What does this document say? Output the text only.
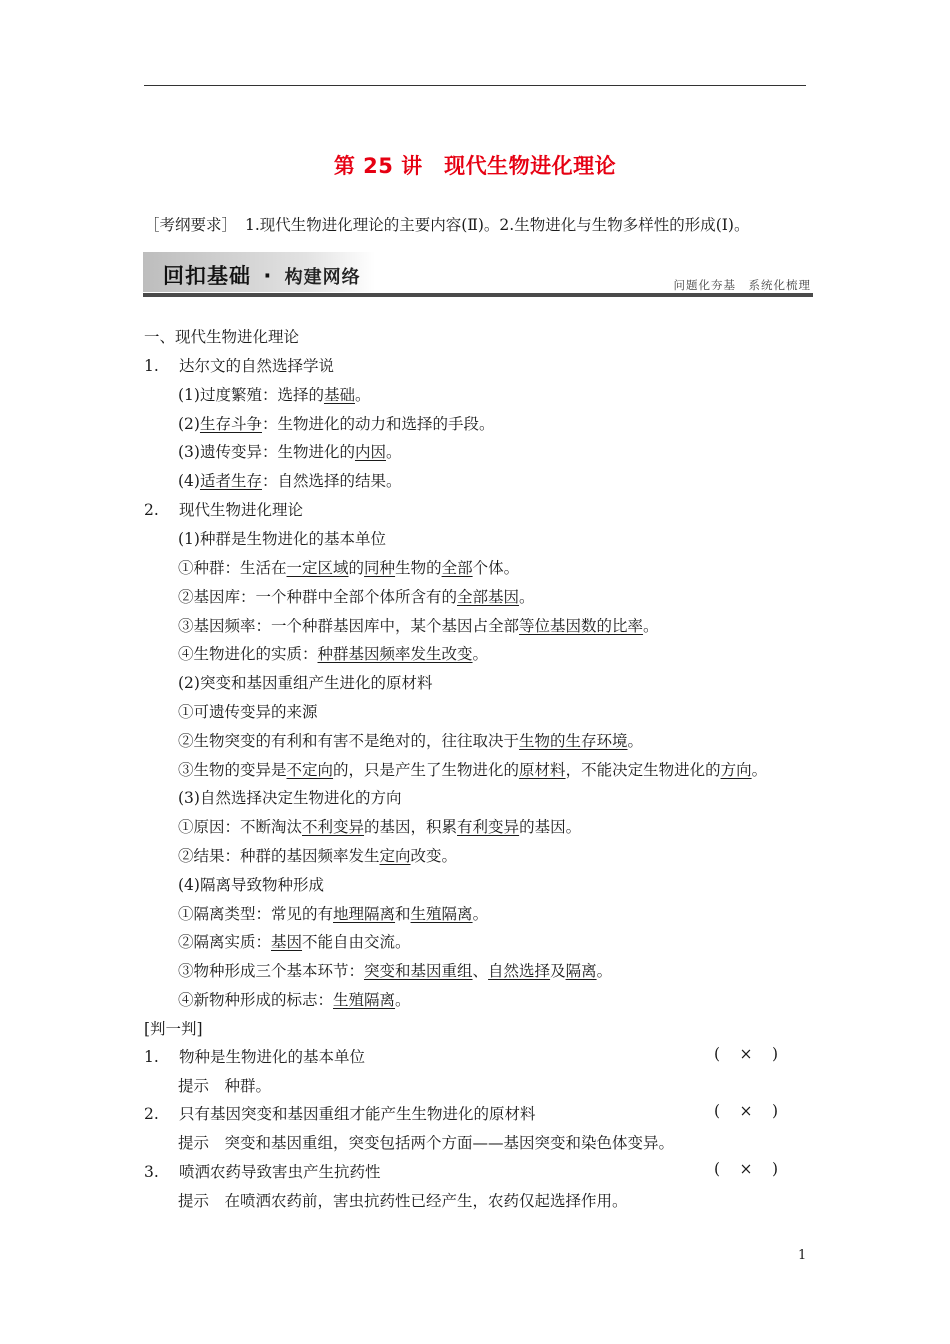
第 25 讲　现代生物进化理论
［考纲要求］ 1.现代生物进化理论的主要内容(Ⅱ)。2.生物进化与生物多样性的形成(Ⅰ)。
回扣基础 · 构建网络	问题化夯基　系统化梳理
一、现代生物进化理论
1. 达尔文的自然选择学说
(1)过度繁殖：选择的基础。
(2)生存斗争：生物进化的动力和选择的手段。
(3)遗传变异：生物进化的内因。
(4)适者生存：自然选择的结果。
2. 现代生物进化理论
(1)种群是生物进化的基本单位
①种群：生活在一定区域的同种生物的全部个体。
②基因库：一个种群中全部个体所含有的全部基因。
③基因频率：一个种群基因库中，某个基因占全部等位基因数的比率。
④生物进化的实质：种群基因频率发生改变。
(2)突变和基因重组产生进化的原材料
①可遗传变异的来源
②生物突变的有利和有害不是绝对的，往往取决于生物的生存环境。
③生物的变异是不定向的，只是产生了生物进化的原材料，不能决定生物进化的方向。
(3)自然选择决定生物进化的方向
①原因：不断淘汰不利变异的基因，积累有利变异的基因。
②结果：种群的基因频率发生定向改变。
(4)隔离导致物种形成
①隔离类型：常见的有地理隔离和生殖隔离。
②隔离实质：基因不能自由交流。
③物种形成三个基本环节：突变和基因重组、自然选择及隔离。
④新物种形成的标志：生殖隔离。
[判一判]
1. 物种是生物进化的基本单位	( × )
提示　种群。
2. 只有基因突变和基因重组才能产生生物进化的原材料	( × )
提示　突变和基因重组，突变包括两个方面——基因突变和染色体变异。
3. 喷洒农药导致害虫产生抗药性	( × )
提示　在喷洒农药前，害虫抗药性已经产生，农药仅起选择作用。
1
